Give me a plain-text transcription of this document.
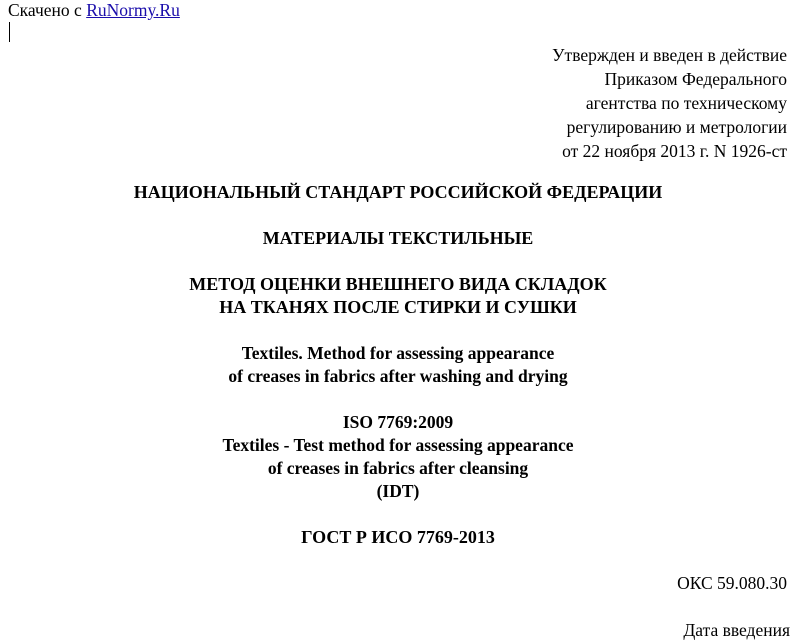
Скачено с RuNormy.Ru
Утвержден и введен в действие
Приказом Федерального
агентства по техническому
регулированию и метрологии
от 22 ноября 2013 г. N 1926-ст
НАЦИОНАЛЬНЫЙ СТАНДАРТ РОССИЙСКОЙ ФЕДЕРАЦИИ
МАТЕРИАЛЫ ТЕКСТИЛЬНЫЕ
МЕТОД ОЦЕНКИ ВНЕШНЕГО ВИДА СКЛАДОК
НА ТКАНЯХ ПОСЛЕ СТИРКИ И СУШКИ
Textiles. Method for assessing appearance
of creases in fabrics after washing and drying
ISO 7769:2009
Textiles - Test method for assessing appearance
of creases in fabrics after cleansing
(IDT)
ГОСТ Р ИСО 7769-2013
ОКС 59.080.30
Дата введения
